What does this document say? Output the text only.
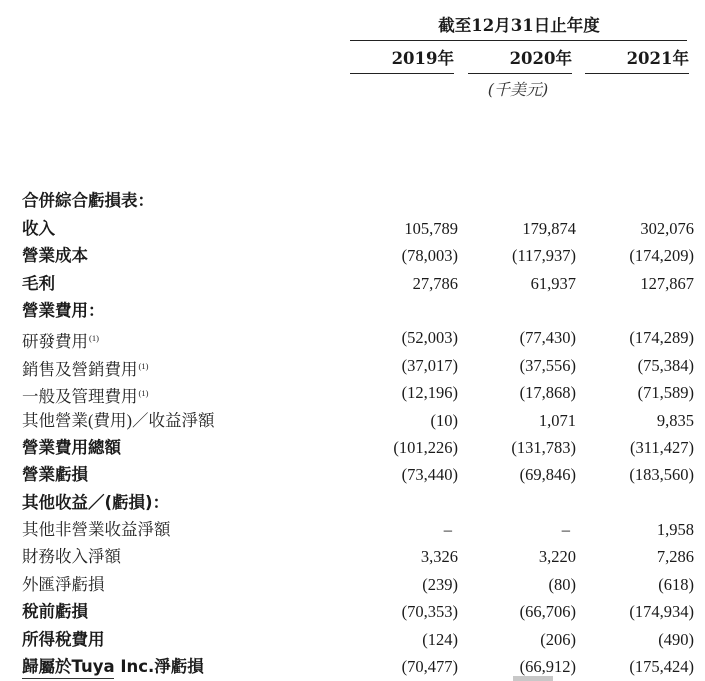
截至12月31日止年度
2019年	2020年	2021年
(千美元)
合併綜合虧損表：
收入	105,789	179,874	302,076
營業成本	(78,003)	(117,937)	(174,209)
毛利	27,786	61,937	127,867
營業費用：
研發費用$^{(1)}$	(52,003)	(77,430)	(174,289)
銷售及營銷費用$^{(1)}$	(37,017)	(37,556)	(75,384)
一般及管理費用$^{(1)}$	(12,196)	(17,868)	(71,589)
其他營業(費用)／收益淨額	(10)	1,071	9,835
營業費用總額	(101,226)	(131,783)	(311,427)
營業虧損	(73,440)	(69,846)	(183,560)
其他收益／(虧損)：
其他非營業收益淨額	–	–	1,958
財務收入淨額	3,326	3,220	7,286
外匯淨虧損	(239)	(80)	(618)
稅前虧損	(70,353)	(66,706)	(174,934)
所得稅費用	(124)	(206)	(490)
歸屬於Tuya Inc.淨虧損	(70,477)	(66,912)	(175,424)
